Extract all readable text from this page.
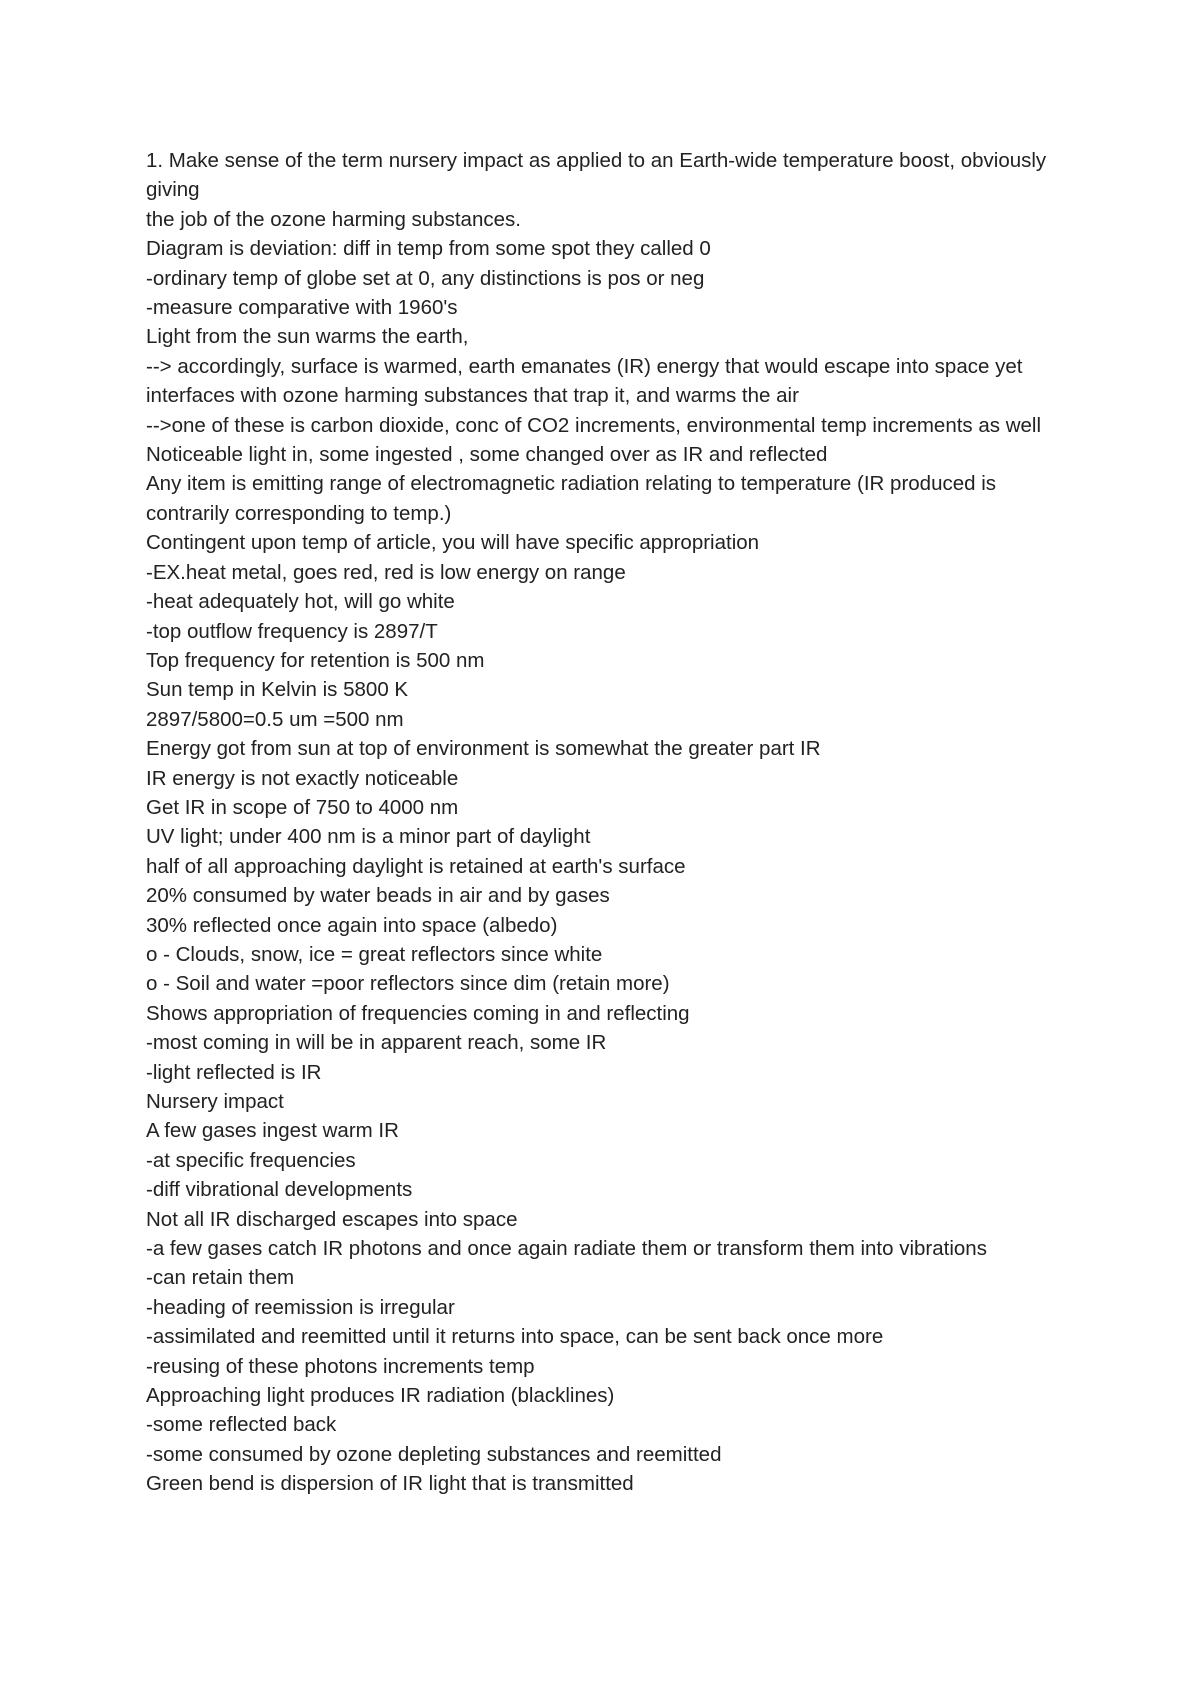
1. Make sense of the term nursery impact as applied to an Earth-wide temperature boost, obviously giving

the job of the ozone harming substances.

Diagram is deviation: diff in temp from some spot they called 0

-ordinary temp of globe set at 0, any distinctions is pos or neg

-measure comparative with 1960's

Light from the sun warms the earth,

--> accordingly, surface is warmed, earth emanates (IR) energy that would escape into space yet

interfaces with ozone harming substances that trap it, and warms the air

-->one of these is carbon dioxide, conc of CO2 increments, environmental temp increments as well

Noticeable light in, some ingested , some changed over as IR and reflected

Any item is emitting range of electromagnetic radiation relating to temperature (IR produced is contrarily corresponding to temp.)

Contingent upon temp of article, you will have specific appropriation

-EX.heat metal, goes red, red is low energy on range

-heat adequately hot, will go white

-top outflow frequency is 2897/T

Top frequency for retention is 500 nm

Sun temp in Kelvin is 5800 K

2897/5800=0.5 um =500 nm

Energy got from sun at top of environment is somewhat the greater part IR

IR energy is not exactly noticeable

Get IR in scope of 750 to 4000 nm

UV light; under 400 nm is a minor part of daylight

half of all approaching daylight is retained at earth's surface

20% consumed by water beads in air and by gases

30% reflected once again into space (albedo)

o - Clouds, snow, ice = great reflectors since white

o - Soil and water =poor reflectors since dim (retain more)

Shows appropriation of frequencies coming in and reflecting

-most coming in will be in apparent reach, some IR

-light reflected is IR

Nursery impact

A few gases ingest warm IR

-at specific frequencies

-diff vibrational developments

Not all IR discharged escapes into space

-a few gases catch IR photons and once again radiate them or transform them into vibrations

-can retain them

-heading of reemission is irregular

-assimilated and reemitted until it returns into space, can be sent back once more

-reusing of these photons increments temp

Approaching light produces IR radiation (blacklines)

-some reflected back

-some consumed by ozone depleting substances and reemitted

Green bend is dispersion of IR light that is transmitted
